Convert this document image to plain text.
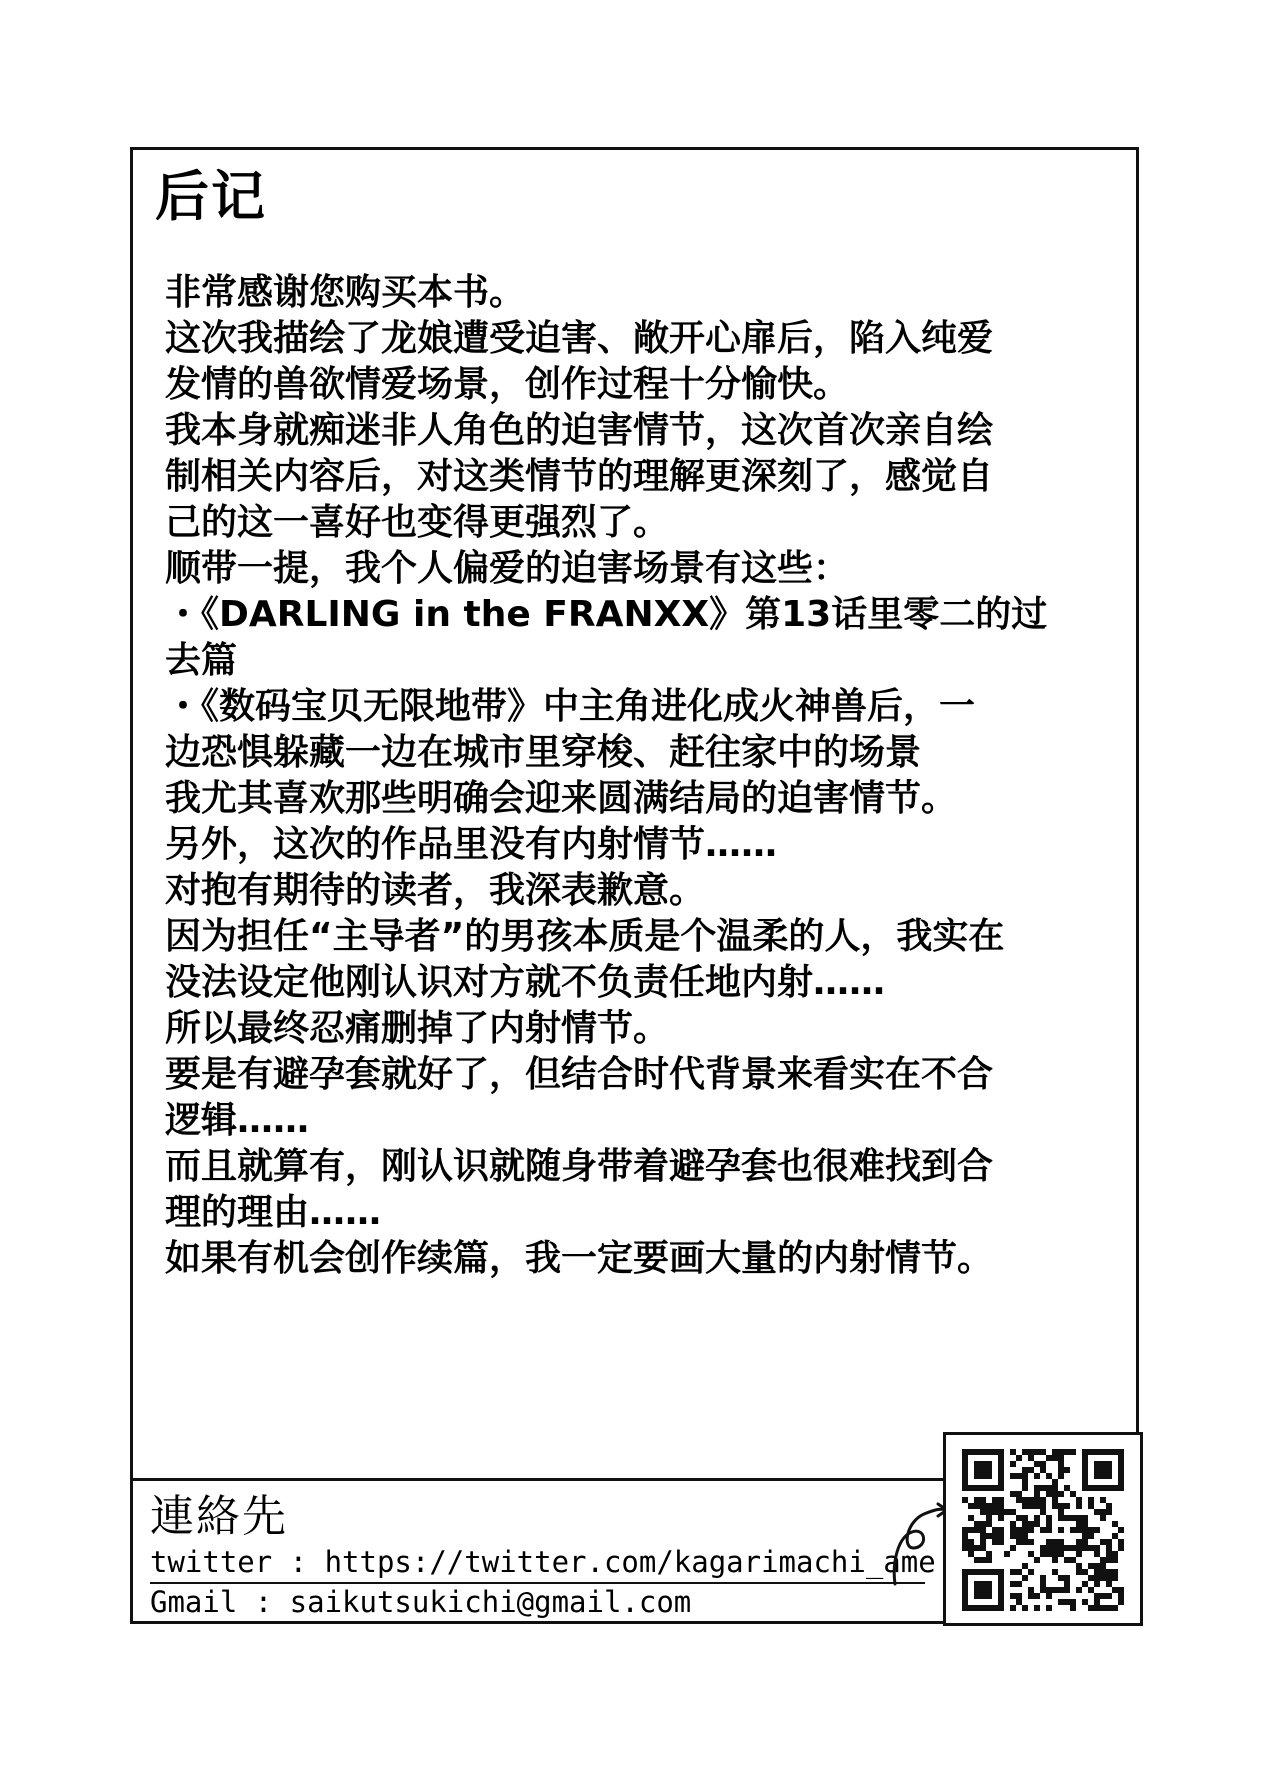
后记
非常感谢您购买本书。
这次我描绘了龙娘遭受迫害、敞开心扉后，陷入纯爱
发情的兽欲情爱场景，创作过程十分愉快。
我本身就痴迷非人角色的迫害情节，这次首次亲自绘
制相关内容后，对这类情节的理解更深刻了，感觉自
己的这一喜好也变得更强烈了。
顺带一提，我个人偏爱的迫害场景有这些：
・《DARLING in the FRANXX》第13话里零二的过
去篇
・《数码宝贝无限地带》中主角进化成火神兽后，一
边恐惧躲藏一边在城市里穿梭、赶往家中的场景
我尤其喜欢那些明确会迎来圆满结局的迫害情节。
另外，这次的作品里没有内射情节……
对抱有期待的读者，我深表歉意。
因为担任“主导者”的男孩本质是个温柔的人，我实在
没法设定他刚认识对方就不负责任地内射……
所以最终忍痛删掉了内射情节。
要是有避孕套就好了，但结合时代背景来看实在不合
逻辑……
而且就算有，刚认识就随身带着避孕套也很难找到合
理的理由……
如果有机会创作续篇，我一定要画大量的内射情节。
連絡先
twitter : https://twitter.com/kagarimachi_ame
Gmail : saikutsukichi@gmail.com
